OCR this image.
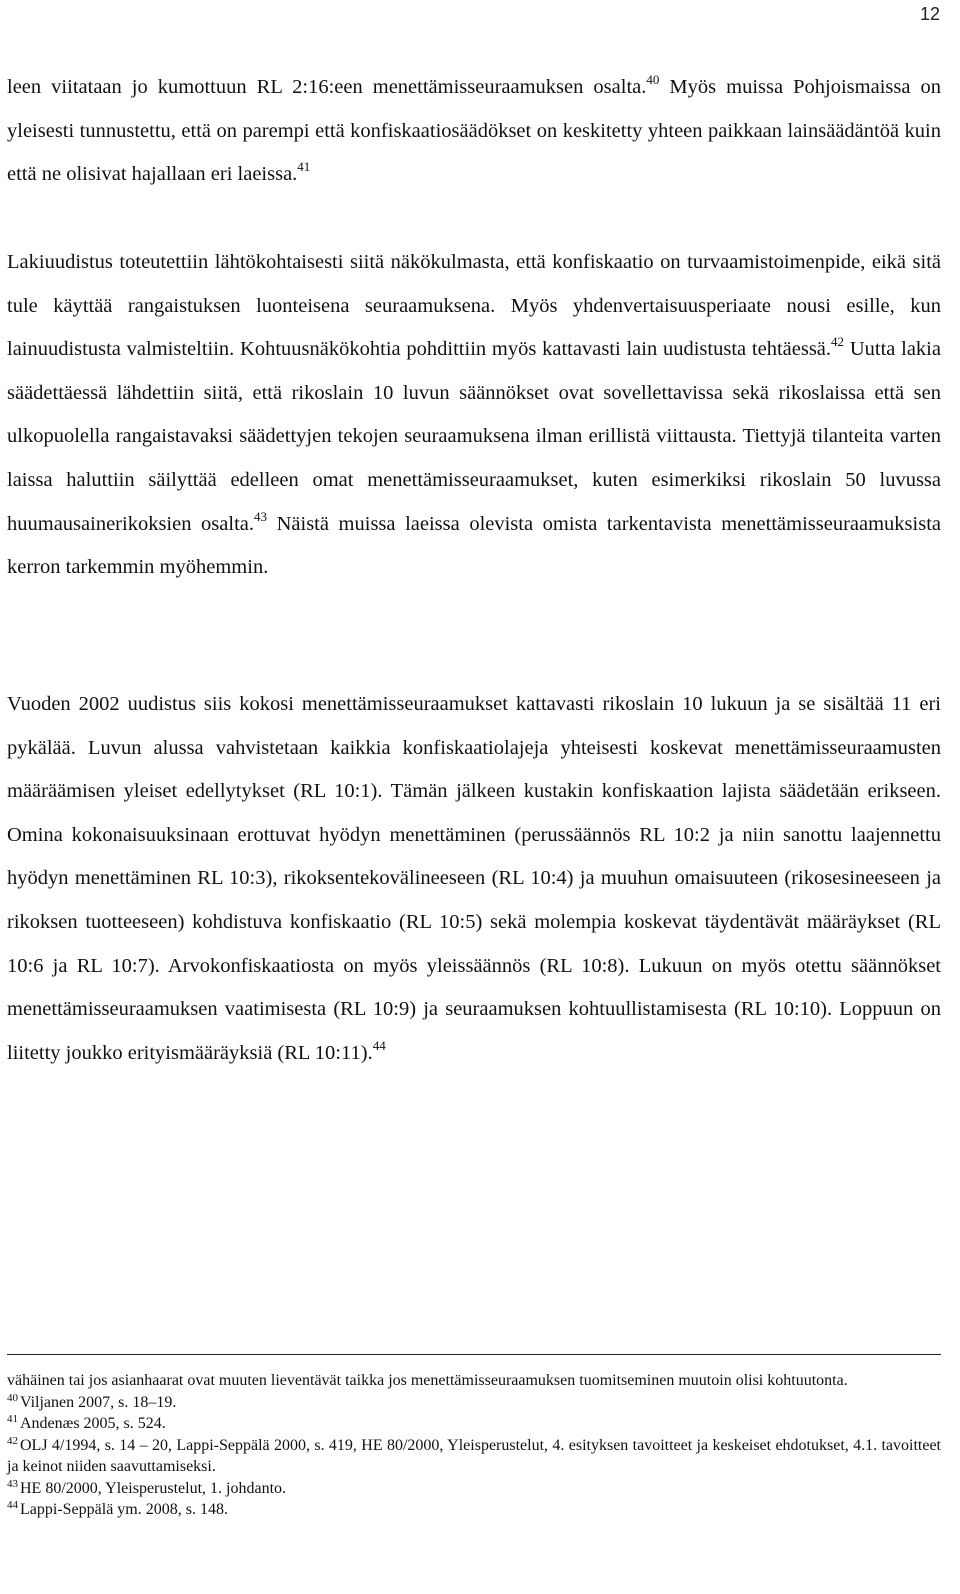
12

leen viitataan jo kumottuun RL 2:16:een menettämisseuraamuksen osalta.$^{40}$ Myös muissa Pohjoismaissa on yleisesti tunnustettu, että on parempi että konfiskaatiosäädökset on keskitetty yhteen paikkaan lainsäädäntöä kuin että ne olisivat hajallaan eri laeissa.$^{41}$

Lakiuudistus toteutettiin lähtökohtaisesti siitä näkökulmasta, että konfiskaatio on turvaamistoimenpide, eikä sitä tule käyttää rangaistuksen luonteisena seuraamuksena. Myös yhdenvertaisuusperiaate nousi esille, kun lainuudistusta valmisteltiin. Kohtuusnäkökohtia pohdittiin myös kattavasti lain uudistusta tehtäessä.$^{42}$ Uutta lakia säädettäessä lähdettiin siitä, että rikoslain 10 luvun säännökset ovat sovellettavissa sekä rikoslaissa että sen ulkopuolella rangaistavaksi säädettyjen tekojen seuraamuksena ilman erillistä viittausta. Tiettyjä tilanteita varten laissa haluttiin säilyttää edelleen omat menettämisseuraamukset, kuten esimerkiksi rikoslain 50 luvussa huumausainerikoksien osalta.$^{43}$ Näistä muissa laeissa olevista omista tarkentavista menettämisseuraamuksista kerron tarkemmin myöhemmin.

Vuoden 2002 uudistus siis kokosi menettämisseuraamukset kattavasti rikoslain 10 lukuun ja se sisältää 11 eri pykälää. Luvun alussa vahvistetaan kaikkia konfiskaatiolajeja yhteisesti koskevat menettämisseuraamusten määräämisen yleiset edellytykset (RL 10:1). Tämän jälkeen kustakin konfiskaation lajista säädetään erikseen. Omina kokonaisuuksinaan erottuvat hyödyn menettäminen (perussäännös RL 10:2 ja niin sanottu laajennettu hyödyn menettäminen RL 10:3), rikoksentekovälineeseen (RL 10:4) ja muuhun omaisuuteen (rikosesineeseen ja rikoksen tuotteeseen) kohdistuva konfiskaatio (RL 10:5) sekä molempia koskevat täydentävät määräykset (RL 10:6 ja RL 10:7). Arvokonfiskaatiosta on myös yleissäännös (RL 10:8). Lukuun on myös otettu säännökset menettämisseuraamuksen vaatimisesta (RL 10:9) ja seuraamuksen kohtuullistamisesta (RL 10:10). Loppuun on liitetty joukko erityismääräyksiä (RL 10:11).$^{44}$

vähäinen tai jos asianhaarat ovat muuten lieventävät taikka jos menettämisseuraamuksen tuomitseminen muutoin olisi kohtuutonta.

$^{40}$ Viljanen 2007, s. 18–19.

$^{41}$ Andenæs 2005, s. 524.

$^{42}$ OLJ 4/1994, s. 14 – 20, Lappi-Seppälä 2000, s. 419, HE 80/2000, Yleisperustelut, 4. esityksen tavoitteet ja keskeiset ehdotukset, 4.1. tavoitteet ja keinot niiden saavuttamiseksi.

$^{43}$ HE 80/2000, Yleisperustelut, 1. johdanto.

$^{44}$ Lappi-Seppälä ym. 2008, s. 148.
